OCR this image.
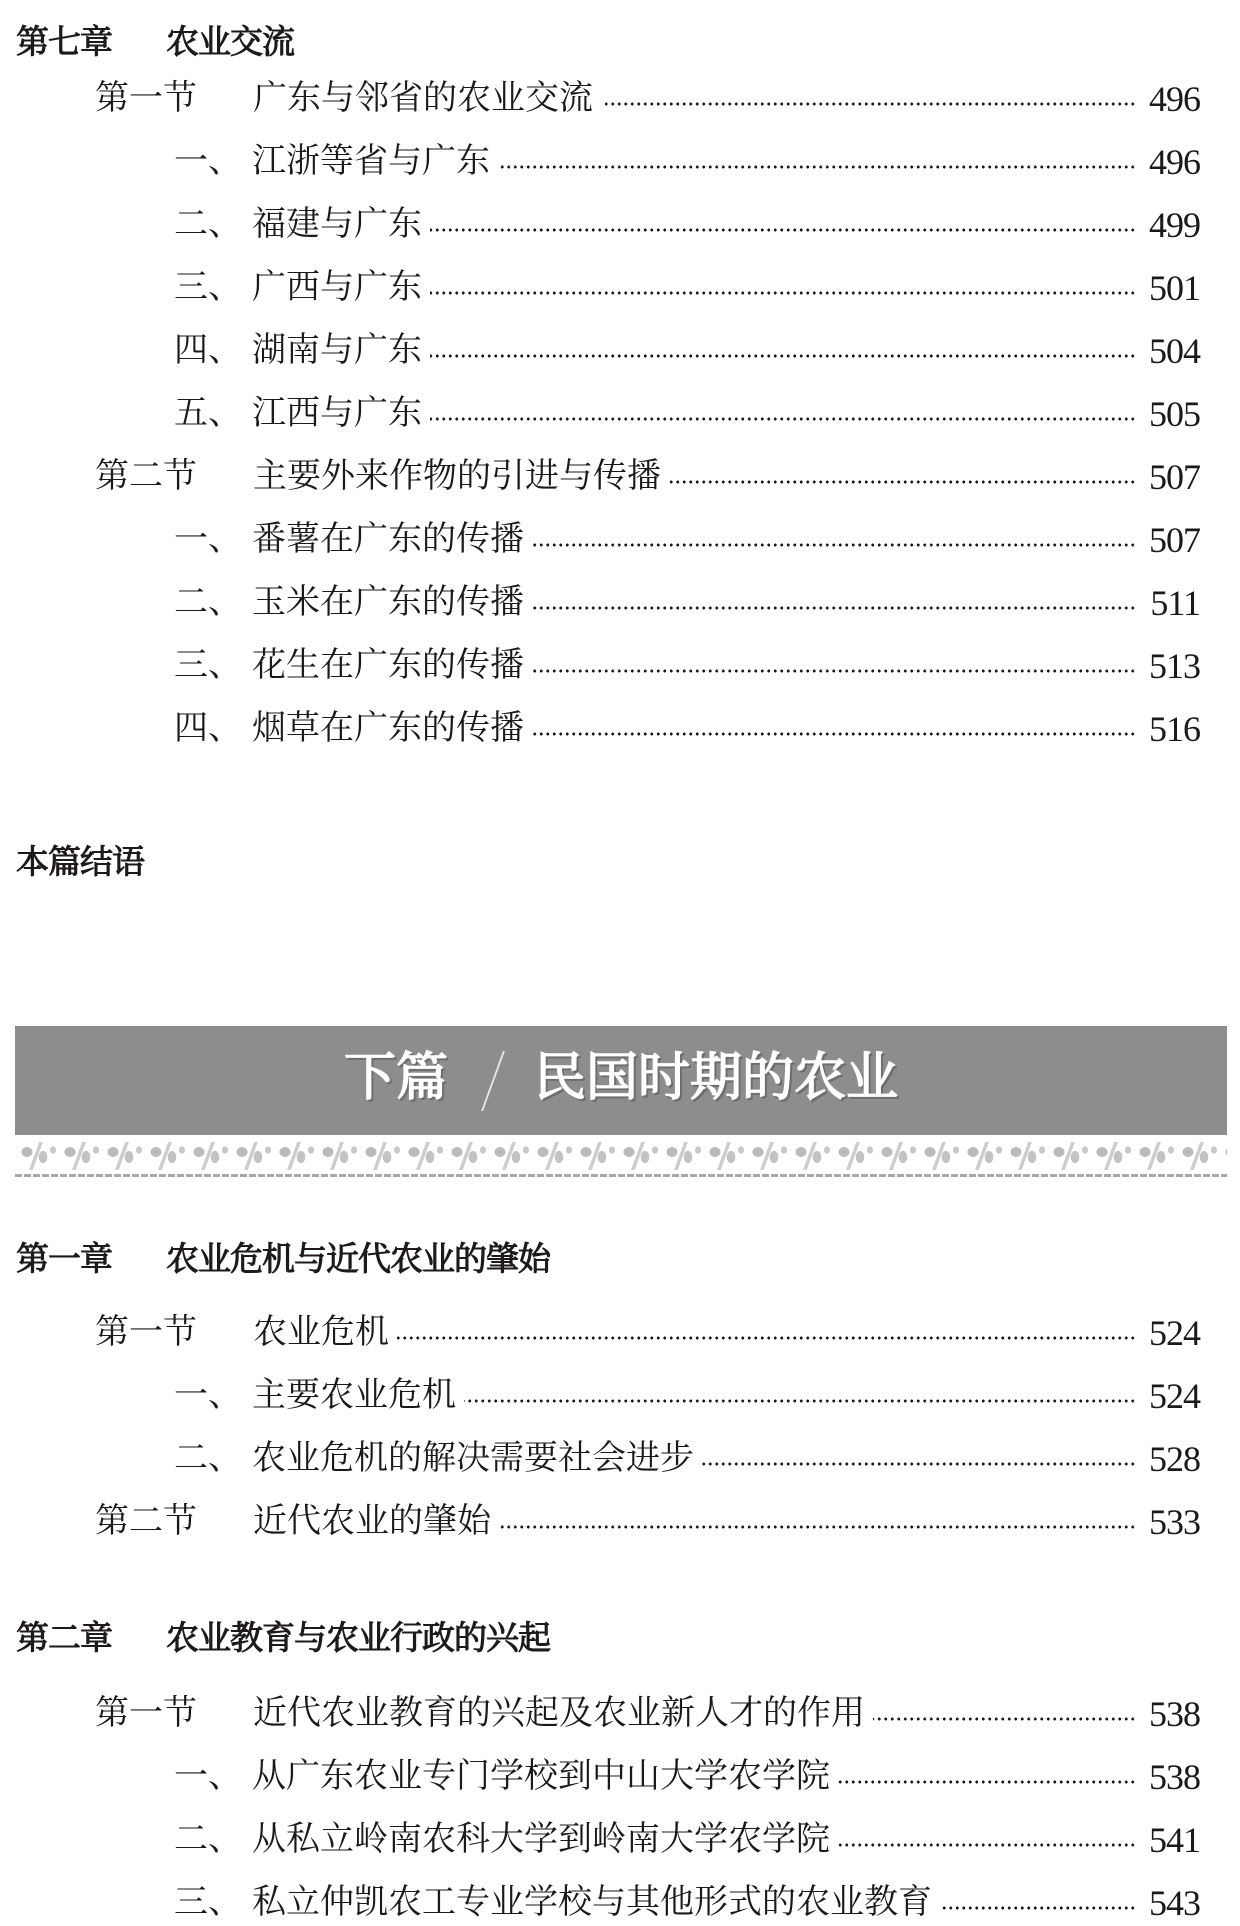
第七章 农业交流
第一节	广东与邻省的农业交流	496
一、 江浙等省与广东	496
二、 福建与广东	499
三、 广西与广东	501
四、 湖南与广东	504
五、 江西与广东	505
第二节	主要外来作物的引进与传播	507
一、 番薯在广东的传播	507
二、 玉米在广东的传播	511
三、 花生在广东的传播	513
四、 烟草在广东的传播	516
本篇结语
下篇 民国时期的农业
第一章 农业危机与近代农业的肇始
第一节	农业危机	524
一、 主要农业危机	524
二、 农业危机的解决需要社会进步	528
第二节	近代农业的肇始	533
第二章 农业教育与农业行政的兴起
第一节	近代农业教育的兴起及农业新人才的作用	538
一、 从广东农业专门学校到中山大学农学院	538
二、 从私立岭南农科大学到岭南大学农学院	541
三、 私立仲凯农工专业学校与其他形式的农业教育	543
